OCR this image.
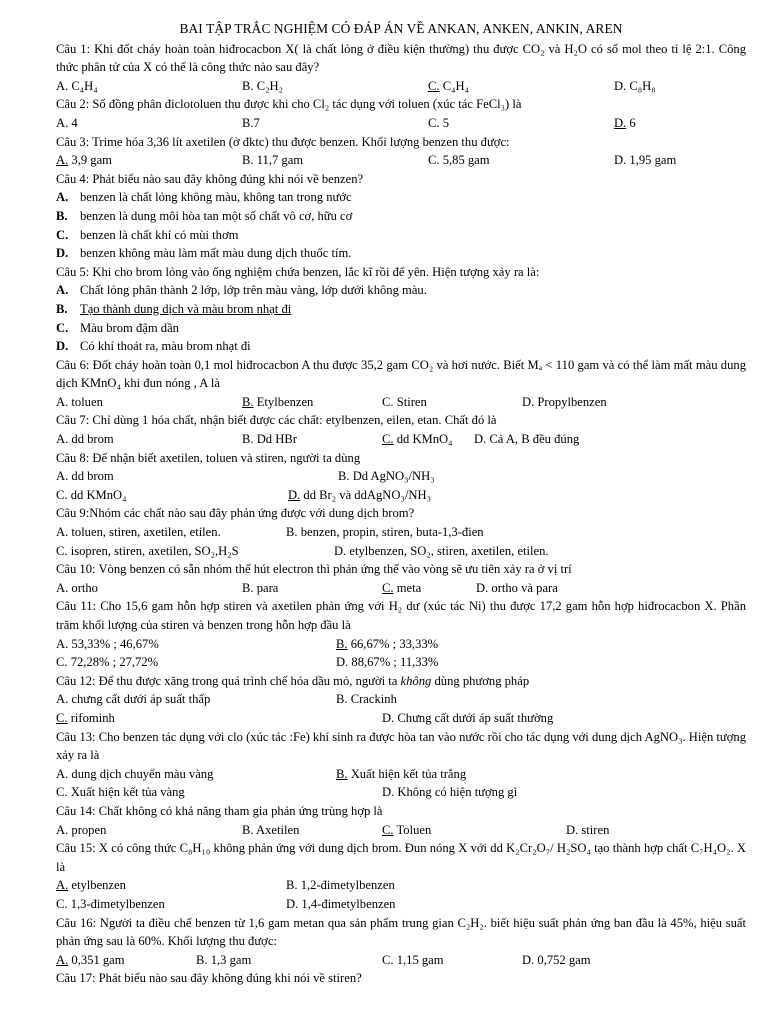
BAI TẬP TRẮC NGHIỆM CÓ ĐÁP ÁN VỀ ANKAN, ANKEN, ANKIN, AREN
Câu 1: Khi đốt cháy hoàn toàn hiđrocacbon X( là chất lỏng ở điều kiện thường) thu được CO₂ và H₂O có số mol theo tỉ lệ 2:1. Công thức phân tử của X có thể là công thức nào sau đây?
A. C₄H₄	B. C₂H₂	C. C₄H₄	D. C₈H₈
Câu 2: Số đồng phân điclotoluen thu được khi cho Cl₂ tác dụng với toluen (xúc tác FeCl₃) là
A. 4	B.7	C. 5	D. 6
Câu 3: Trime hóa 3,36 lít axetilen (ở đktc) thu được benzen. Khối lượng benzen thu được:
A. 3,9 gam	B. 11,7 gam	C. 5,85 gam	D. 1,95 gam
Câu 4: Phát biểu nào sau đây không đúng khi nói về benzen?
A. benzen là chất lỏng không màu, không tan trong nước
B. benzen là dung môi hòa tan một số chất vô cơ, hữu cơ
C. benzen là chất khí có mùi thơm
D. benzen không màu làm mất màu dung dịch thuốc tím.
Câu 5: Khi cho brom lỏng vào ống nghiệm chứa benzen, lắc kĩ rồi để yên. Hiện tượng xảy ra là:
A. Chất lỏng phân thành 2 lớp, lớp trên màu vàng, lớp dưới không màu.
B. Tạo thành dung dịch và màu brom nhạt đi
C. Màu brom đậm dần
D. Có khí thoát ra, màu brom nhạt đi
Câu 6: Đốt cháy hoàn toàn 0,1 mol hiđrocacbon A thu được 35,2 gam CO₂ và hơi nước. Biết Mₐ < 110 gam và có thể làm mất màu dung dịch KMnO₄ khi đun nóng , A là
A. toluen	B. Etylbenzen	C. Stiren	D. Propylbenzen
Câu 7: Chỉ dùng 1 hóa chất, nhận biết được các chất: etylbenzen, eilen, etan. Chất đó là
A. dd brom	B. Dd HBr	C. dd KMnO₄	D. Cả A, B đều đúng
Câu 8: Để nhận biết axetilen, toluen và stiren, người ta dùng
A. dd brom	B. Dd AgNO₃/NH₃
C. dd KMnO₄	D. dd Br₂ và ddAgNO₃/NH₃
Câu 9:Nhóm các chất nào sau đây phản ứng được với dung dịch brom?
A. toluen, stiren, axetilen, etilen.	B. benzen, propin, stiren, buta-1,3-đien
C. isopren, stiren, axetilen, SO₂,H₂S	D. etylbenzen, SO₂, stiren, axetilen, etilen.
Câu 10: Vòng benzen có sẵn nhóm thế hút electron thì phản ứng thế vào vòng sẽ ưu tiên xảy ra ở vị trí
A. ortho	B. para	C. meta	D. ortho và para
Câu 11: Cho 15,6 gam hỗn hợp stiren và axetilen phản ứng với H₂ dư (xúc tác Ni) thu được 17,2 gam hỗn hợp hiđrocacbon X. Phần trăm khối lượng của stiren và benzen trong hỗn hợp đầu là
A. 53,33% ; 46,67%	B. 66,67% ; 33,33%
C. 72,28% ; 27,72%	D. 88,67% ; 11,33%
Câu 12: Để thu được xăng trong quá trình chế hóa dầu mỏ, người ta không dùng phương pháp
A. chưng cất dưới áp suất thấp	B. Crackinh
C. rifominh	D. Chưng cất dưới áp suất thường
Câu 13: Cho benzen tác dụng với clo (xúc tác :Fe) khí sinh ra được hòa tan vào nước rồi cho tác dụng với dung dịch AgNO₃. Hiện tượng xảy ra là
A. dung dịch chuyển màu vàng	B. Xuất hiện kết tủa trắng
C. Xuất hiện kết tủa vàng	D. Không có hiện tượng gì
Câu 14: Chất không có khả năng tham gia phản ứng trùng hợp là
A. propen	B. Axetilen	C. Toluen	D. stiren
Câu 15: X có công thức C₈H₁₀ không phản ứng với dung dịch brom. Đun nóng X với dd K₂Cr₂O₇/ H₂SO₄ tạo thành hợp chất C₇H₄O₂. X là
A. etylbenzen	B. 1,2-đimetylbenzen
C. 1,3-đimetylbenzen	D. 1,4-đimetylbenzen
Câu 16: Người ta điều chế benzen từ 1,6 gam metan qua sản phẩm trung gian C₂H₂. biết hiệu suất phản ứng ban đầu là 45%, hiệu suất phản ứng sau là 60%. Khối lượng thu được:
A. 0,351 gam	B. 1,3 gam	C. 1,15 gam	D. 0,752 gam
Câu 17: Phát biểu nào sau đây không đúng khi nói về stiren?
